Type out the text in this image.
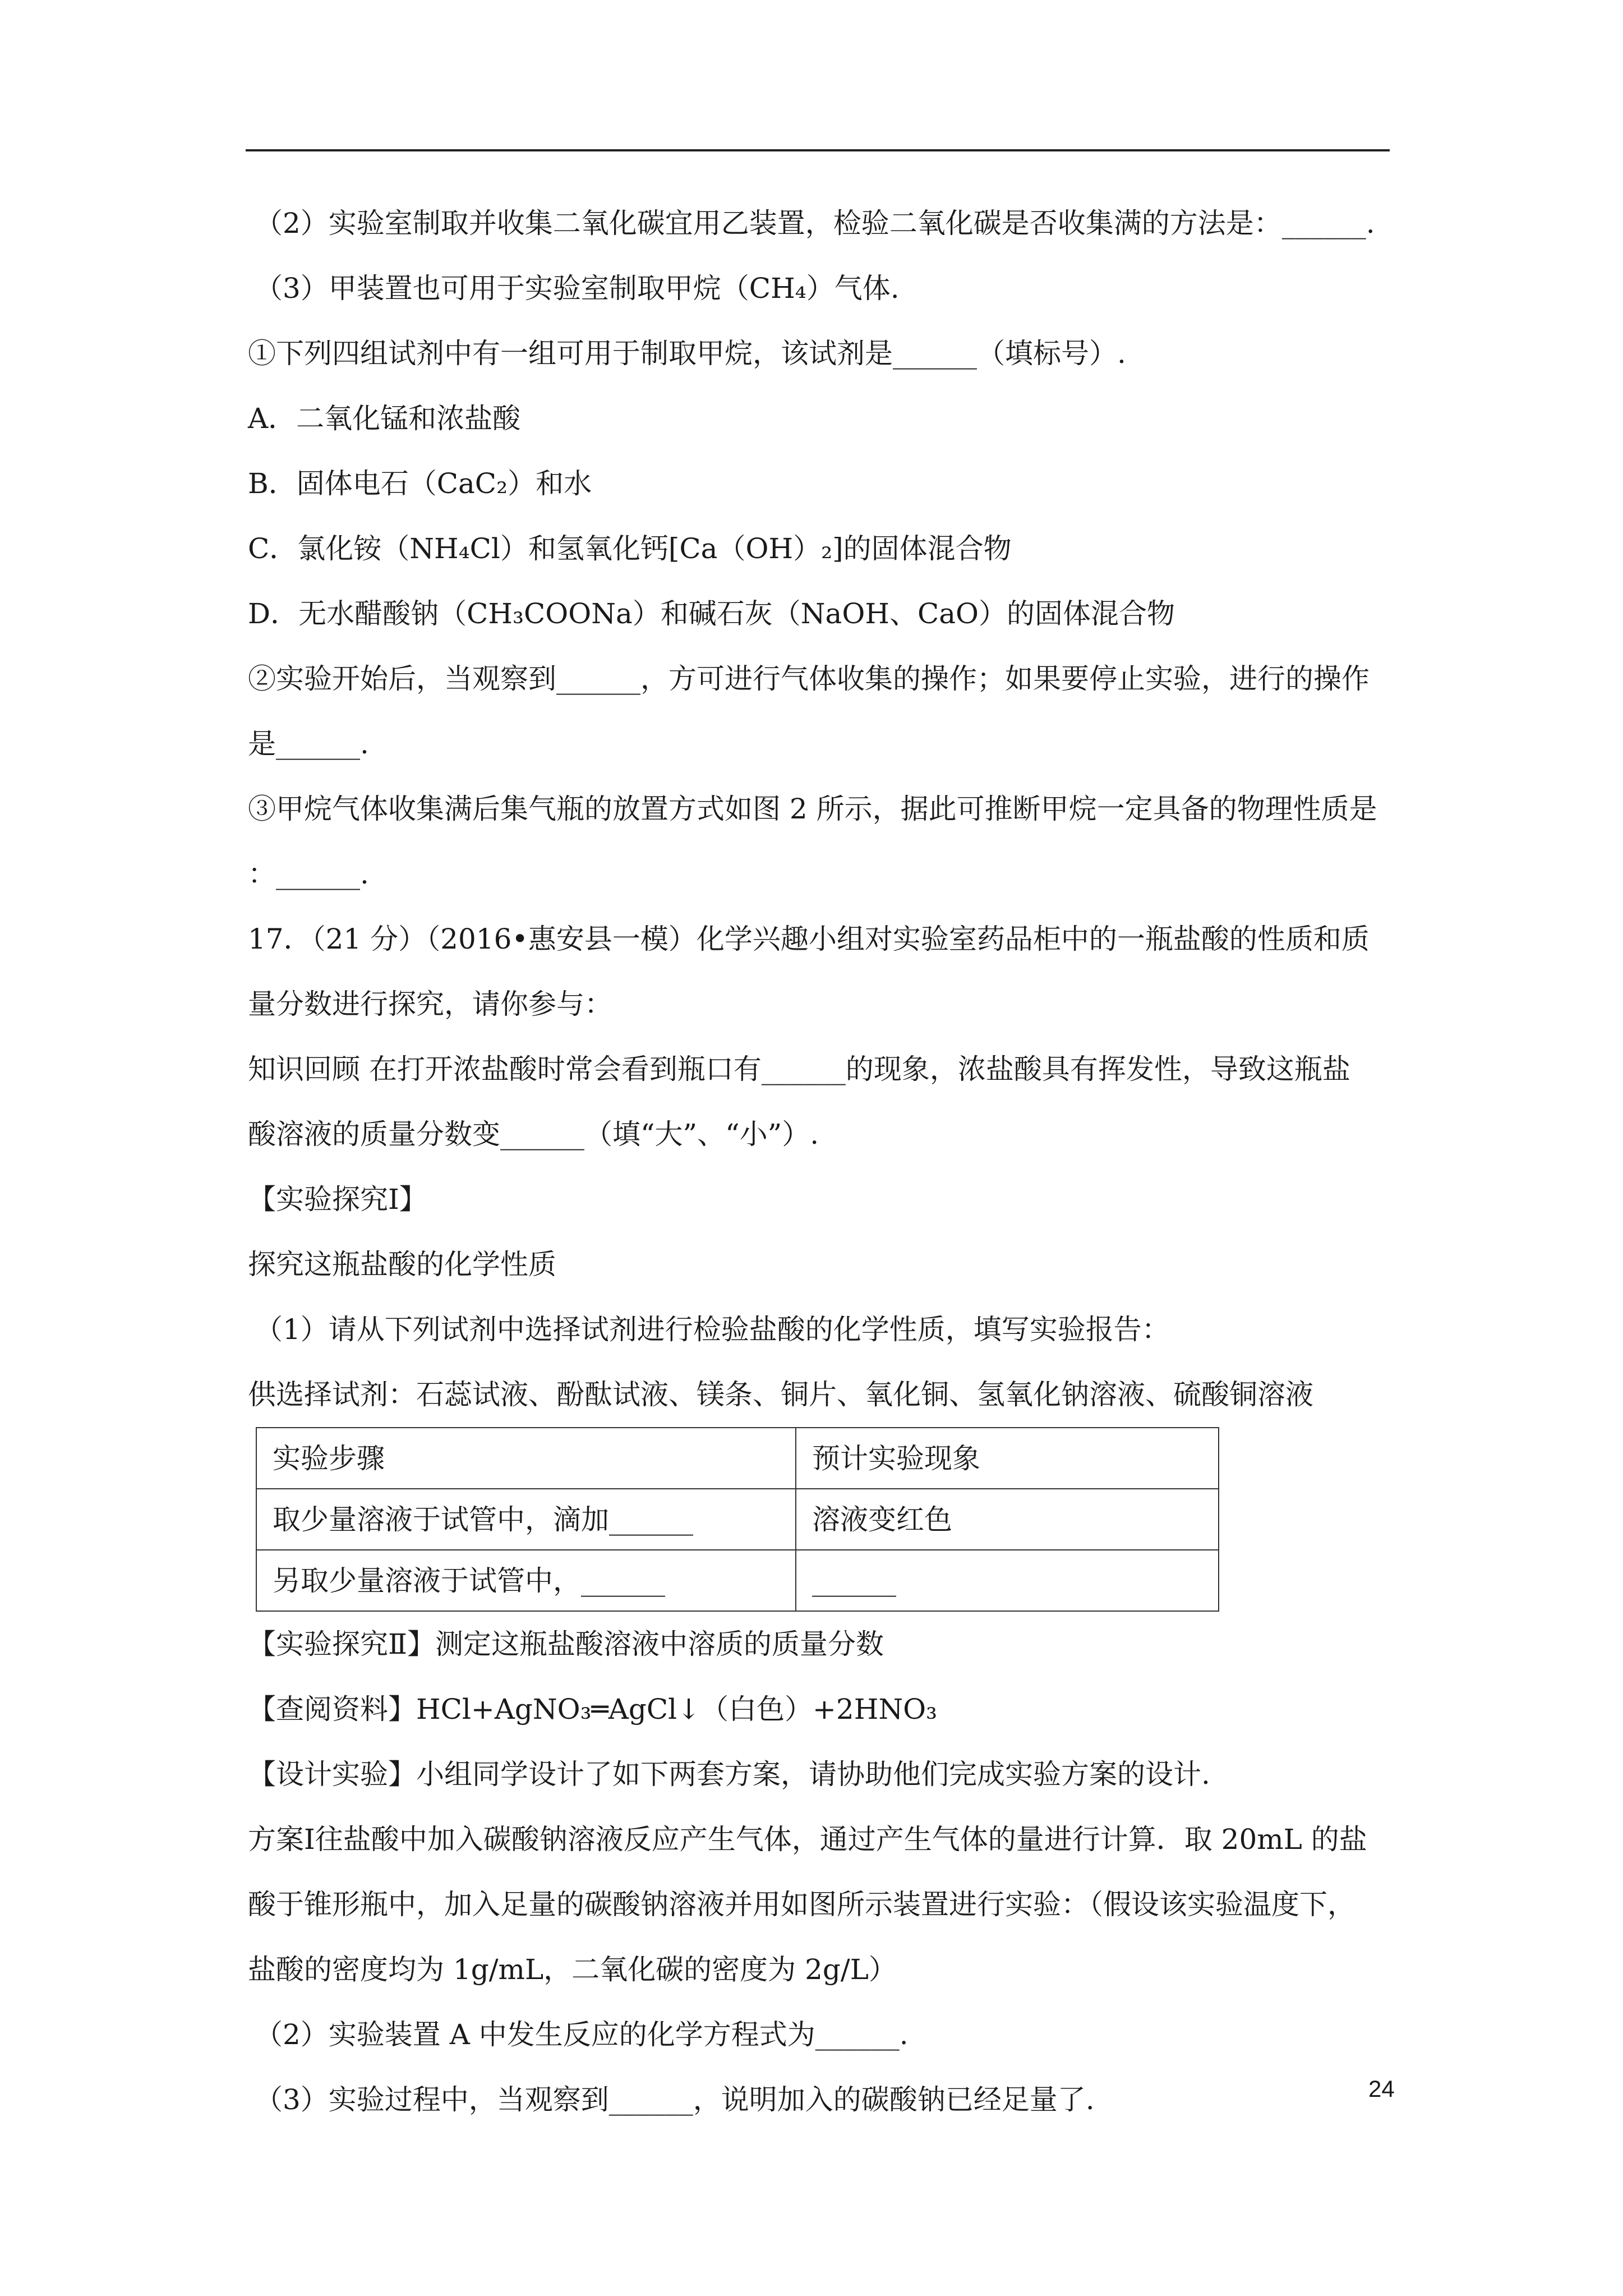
（2）实验室制取并收集二氧化碳宜用乙装置，检验二氧化碳是否收集满的方法是：______.
（3）甲装置也可用于实验室制取甲烷（CH₄）气体.
①下列四组试剂中有一组可用于制取甲烷，该试剂是______（填标号）.
A．二氧化锰和浓盐酸
B．固体电石（CaC₂）和水
C．氯化铵（NH₄Cl）和氢氧化钙[Ca（OH）₂]的固体混合物
D．无水醋酸钠（CH₃COONa）和碱石灰（NaOH、CaO）的固体混合物
②实验开始后，当观察到______，方可进行气体收集的操作；如果要停止实验，进行的操作
是______.
③甲烷气体收集满后集气瓶的放置方式如图 2 所示，据此可推断甲烷一定具备的物理性质是
：______.
17．（21 分）（2016•惠安县一模）化学兴趣小组对实验室药品柜中的一瓶盐酸的性质和质
量分数进行探究，请你参与：
知识回顾 在打开浓盐酸时常会看到瓶口有______的现象，浓盐酸具有挥发性，导致这瓶盐
酸溶液的质量分数变______（填“大”、“小”）.
【实验探究Ⅰ】
探究这瓶盐酸的化学性质
（1）请从下列试剂中选择试剂进行检验盐酸的化学性质，填写实验报告：
供选择试剂：石蕊试液、酚酞试液、镁条、铜片、氧化铜、氢氧化钠溶液、硫酸铜溶液
实验步骤	预计实验现象
取少量溶液于试管中，滴加______	溶液变红色
另取少量溶液于试管中，______	______
【实验探究Ⅱ】测定这瓶盐酸溶液中溶质的质量分数
【查阅资料】HCl+AgNO₃═AgCl↓（白色）+2HNO₃
【设计实验】小组同学设计了如下两套方案，请协助他们完成实验方案的设计.
方案Ⅰ往盐酸中加入碳酸钠溶液反应产生气体，通过产生气体的量进行计算．取 20mL 的盐
酸于锥形瓶中，加入足量的碳酸钠溶液并用如图所示装置进行实验：（假设该实验温度下，
盐酸的密度均为 1g/mL，二氧化碳的密度为 2g/L）
（2）实验装置 A 中发生反应的化学方程式为______.
（3）实验过程中，当观察到______，说明加入的碳酸钠已经足量了.	24
